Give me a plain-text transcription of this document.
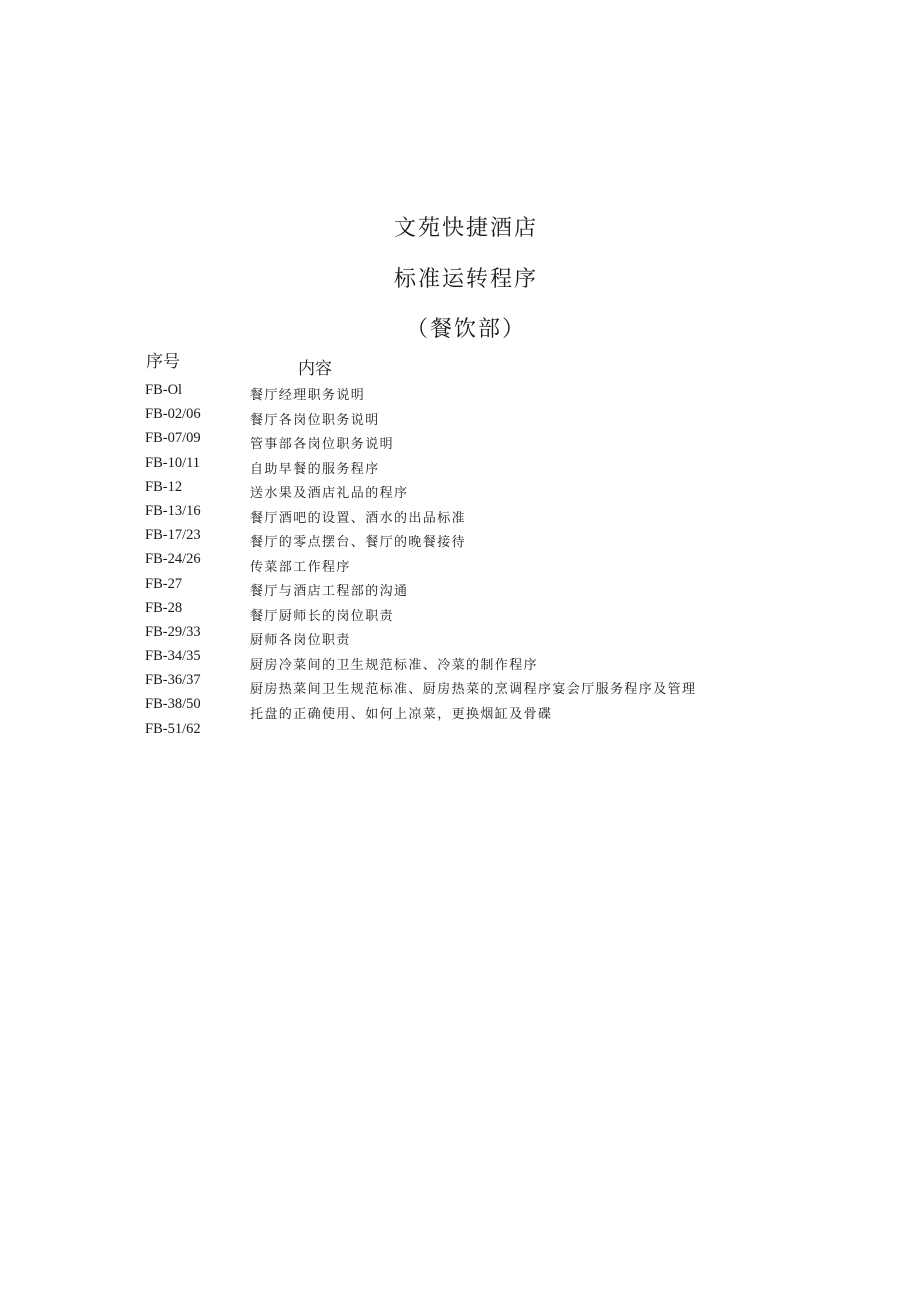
文苑快捷酒店
标准运转程序
（餐饮部）
序号	内容
FB-Ol
FB-02/06
FB-07/09
FB-10/11
FB-12
FB-13/16
FB-17/23
FB-24/26
FB-27
FB-28
FB-29/33
FB-34/35
FB-36/37
FB-38/50
FB-51/62
餐厅经理职务说明
餐厅各岗位职务说明
管事部各岗位职务说明
自助早餐的服务程序
送水果及酒店礼品的程序
餐厅酒吧的设置、酒水的出品标准
餐厅的零点摆台、餐厅的晚餐接待
传菜部工作程序
餐厅与酒店工程部的沟通
餐厅厨师长的岗位职责
厨师各岗位职责
厨房冷菜间的卫生规范标准、冷菜的制作程序
厨房热菜间卫生规范标准、厨房热菜的烹调程序宴会厅服务程序及管理
托盘的正确使用、如何上凉菜，更换烟缸及骨碟
